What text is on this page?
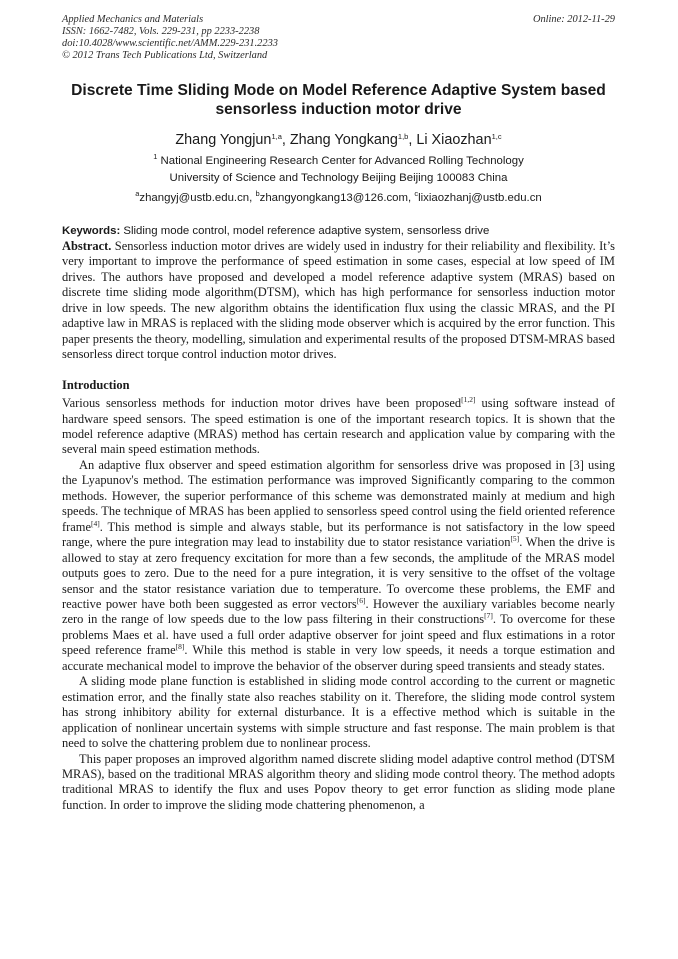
Applied Mechanics and Materials
ISSN: 1662-7482, Vols. 229-231, pp 2233-2238
doi:10.4028/www.scientific.net/AMM.229-231.2233
© 2012 Trans Tech Publications Ltd, Switzerland
Online: 2012-11-29
Discrete Time Sliding Mode on Model Reference Adaptive System based sensorless induction motor drive
Zhang Yongjun$^{1,a}$, Zhang Yongkang$^{1,b}$, Li Xiaozhan$^{1,c}$
$^1$ National Engineering Research Center for Advanced Rolling Technology
University of Science and Technology Beijing Beijing 100083 China
$^a$zhangyj@ustb.edu.cn, $^b$zhangyongkang13@126.com, $^c$lixiaozhanj@ustb.edu.cn
Keywords: Sliding mode control, model reference adaptive system, sensorless drive

Abstract. Sensorless induction motor drives are widely used in industry for their reliability and flexibility. It’s very important to improve the performance of speed estimation in some cases, especial at low speed of IM drives. The authors have proposed and developed a model reference adaptive system (MRAS) based on discrete time sliding mode algorithm(DTSM), which has high performance for sensorless induction motor drive in low speeds. The new algorithm obtains the identification flux using the classic MRAS, and the PI adaptive law in MRAS is replaced with the sliding mode observer which is acquired by the error function. This paper presents the theory, modelling, simulation and experimental results of the proposed DTSM-MRAS based sensorless direct torque control induction motor drives.

Introduction

Various sensorless methods for induction motor drives have been proposed[1,2] using software instead of hardware speed sensors. The speed estimation is one of the important research topics. It is shown that the model reference adaptive (MRAS) method has certain research and application value by comparing with the several main speed estimation methods.

An adaptive flux observer and speed estimation algorithm for sensorless drive was proposed in [3] using the Lyapunov's method. The estimation performance was improved Significantly comparing to the common methods. However, the superior performance of this scheme was demonstrated mainly at medium and high speeds. The technique of MRAS has been applied to sensorless speed control using the field oriented reference frame[4]. This method is simple and always stable, but its performance is not satisfactory in the low speed range, where the pure integration may lead to instability due to stator resistance variation[5]. When the drive is allowed to stay at zero frequency excitation for more than a few seconds, the amplitude of the MRAS model outputs goes to zero. Due to the need for a pure integration, it is very sensitive to the offset of the voltage sensor and the stator resistance variation due to temperature. To overcome these problems, the EMF and reactive power have both been suggested as error vectors[6]. However the auxiliary variables become nearly zero in the range of low speeds due to the low pass filtering in their constructions[7]. To overcome for these problems Maes et al. have used a full order adaptive observer for joint speed and flux estimations in a rotor speed reference frame[8]. While this method is stable in very low speeds, it needs a torque estimation and accurate mechanical model to improve the behavior of the observer during speed transients and steady states.

A sliding mode plane function is established in sliding mode control according to the current or magnetic estimation error, and the finally state also reaches stability on it. Therefore, the sliding mode control system has strong inhibitory ability for external disturbance. It is a effective method which is suitable in the application of nonlinear uncertain systems with simple structure and fast response. The main problem is that need to solve the chattering problem due to nonlinear process.

This paper proposes an improved algorithm named discrete sliding model adaptive control method (DTSM MRAS), based on the traditional MRAS algorithm theory and sliding mode control theory. The method adopts traditional MRAS to identify the flux and uses Popov theory to get error function as sliding mode plane function. In order to improve the sliding mode chattering phenomenon, a
